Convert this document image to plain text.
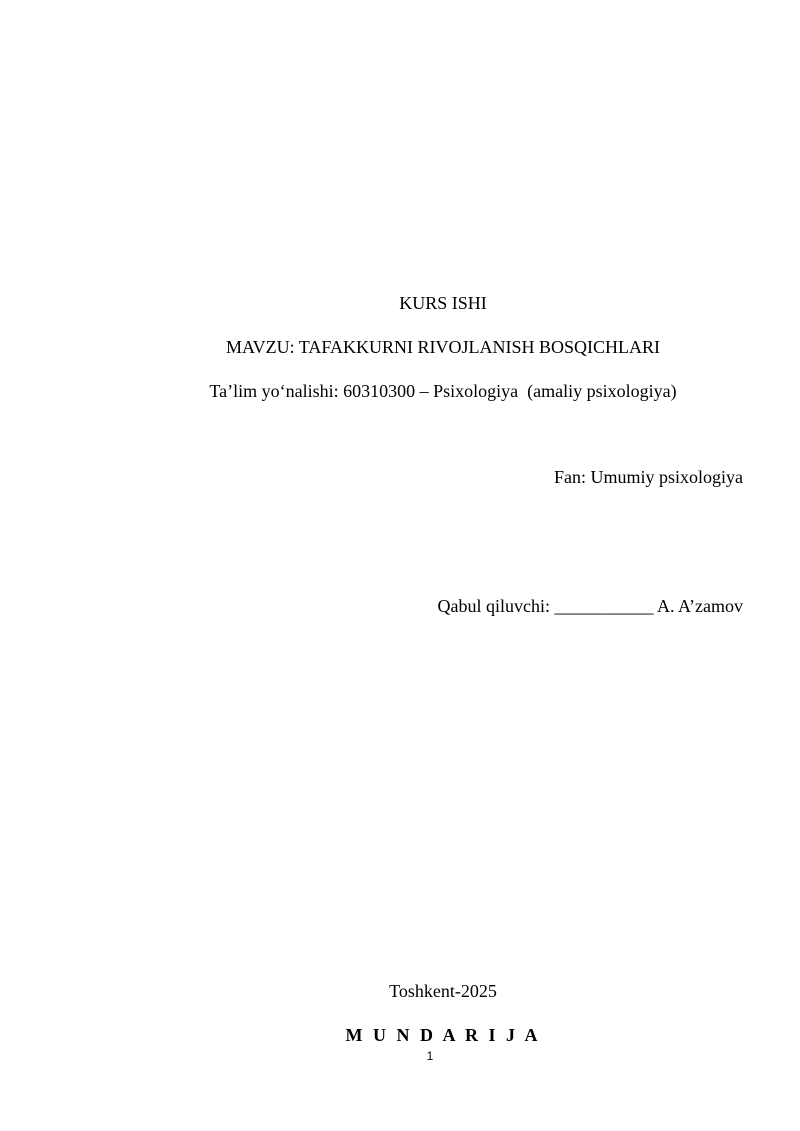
KURS ISHI
MAVZU: TAFAKKURNI RIVOJLANISH BOSQICHLARI
Ta’lim yo‘nalishi: 60310300 – Psixologiya  (amaliy psixologiya)
Fan: Umumiy psixologiya
Qabul qiluvchi: ___________ A. A’zamov
Toshkent-2025
M U N D A R I J A
1
